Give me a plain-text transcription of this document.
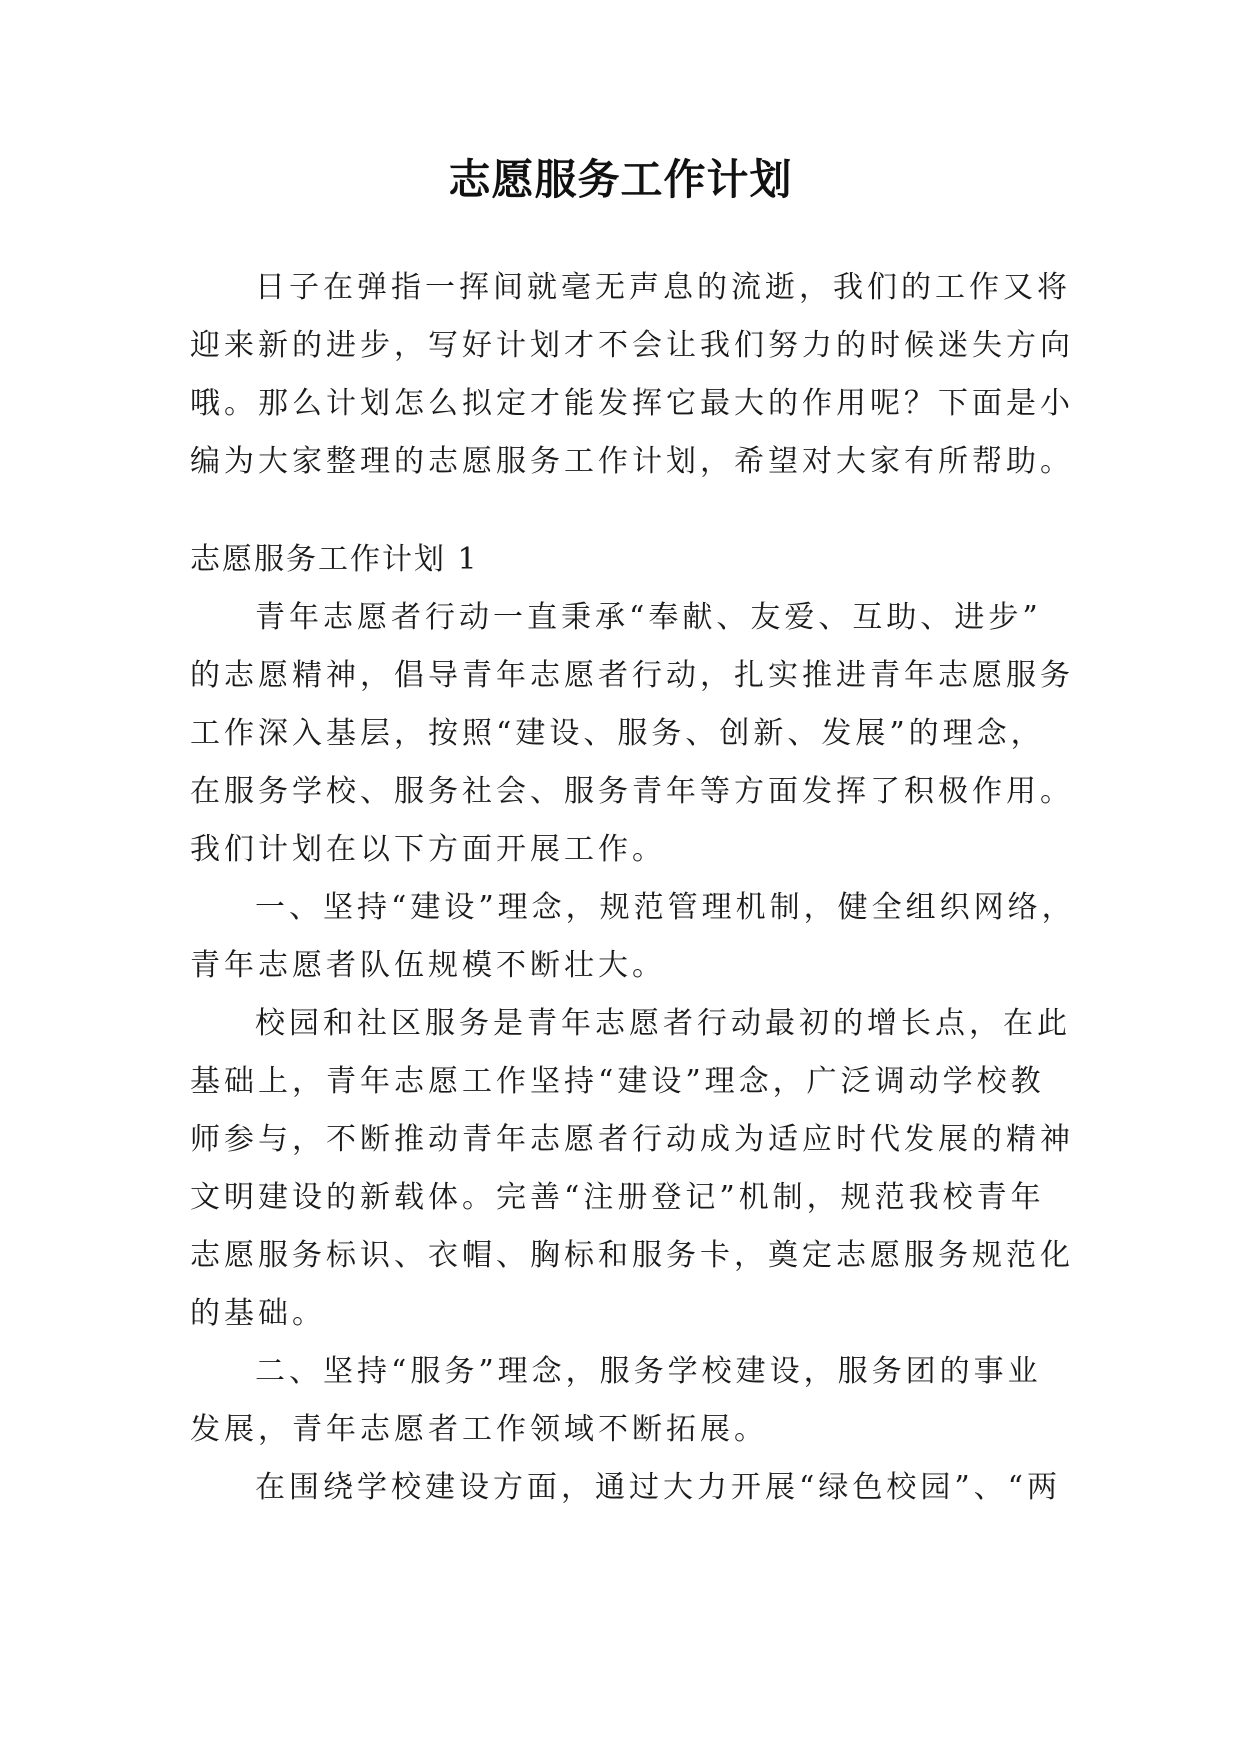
志愿服务工作计划
日子在弹指一挥间就毫无声息的流逝，我们的工作又将
迎来新的进步，写好计划才不会让我们努力的时候迷失方向
哦。那么计划怎么拟定才能发挥它最大的作用呢？下面是小
编为大家整理的志愿服务工作计划，希望对大家有所帮助。
志愿服务工作计划 1
青年志愿者行动一直秉承“奉献、友爱、互助、进步”
的志愿精神，倡导青年志愿者行动，扎实推进青年志愿服务
工作深入基层，按照“建设、服务、创新、发展”的理念，
在服务学校、服务社会、服务青年等方面发挥了积极作用。
我们计划在以下方面开展工作。
一、坚持“建设”理念，规范管理机制，健全组织网络，
青年志愿者队伍规模不断壮大。
校园和社区服务是青年志愿者行动最初的增长点，在此
基础上，青年志愿工作坚持“建设”理念，广泛调动学校教
师参与，不断推动青年志愿者行动成为适应时代发展的精神
文明建设的新载体。完善“注册登记”机制，规范我校青年
志愿服务标识、衣帽、胸标和服务卡，奠定志愿服务规范化
的基础。
二、坚持“服务”理念，服务学校建设，服务团的事业
发展，青年志愿者工作领域不断拓展。
在围绕学校建设方面，通过大力开展“绿色校园”、“两
